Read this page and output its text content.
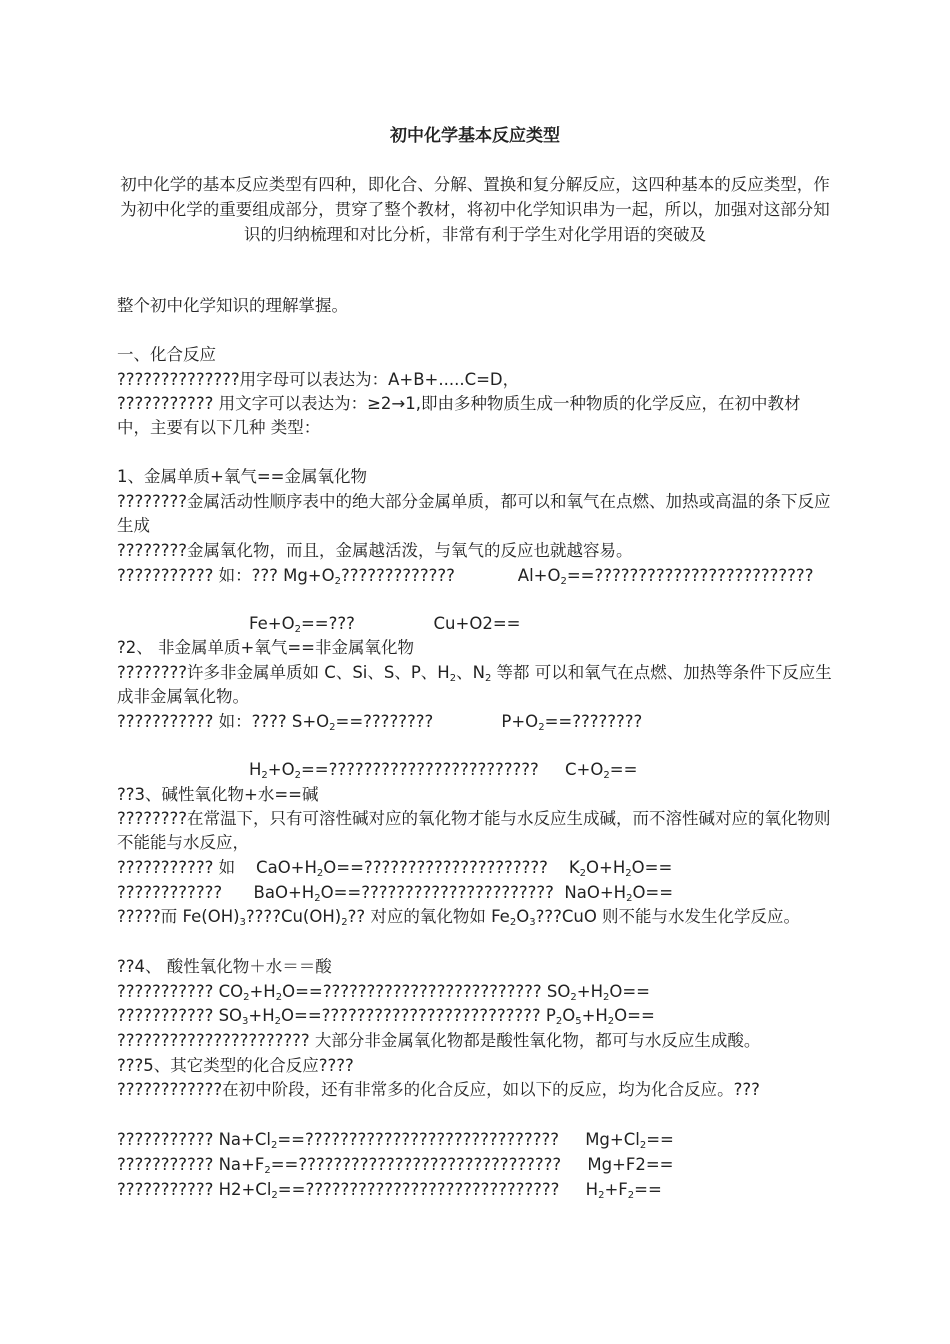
初中化学基本反应类型
初中化学的基本反应类型有四种，即化合、分解、置换和复分解反应，这四种基本的反应类型，作为初中化学的重要组成部分，贯穿了整个教材，将初中化学知识串为一起，所以，加强对这部分知识的归纳梳理和对比分析，非常有利于学生对化学用语的突破及
整个初中化学知识的理解掌握。
一、化合反应
??????????????用字母可以表达为：A+B+.....C=D，
??????????? 用文字可以表达为：≥2→1,即由多种物质生成一种物质的化学反应，在初中教材中，主要有以下几种 类型：
1、金属单质+氧气==金属氧化物
????????金属活动性顺序表中的绝大部分金属单质，都可以和氧气在点燃、加热或高温的条下反应生成
????????金属氧化物，而且，金属越活泼，与氧气的反应也就越容易。
??????????? 如：??? $Mg+O_2$?????????????            $Al+O_2==$?????????????????????????
$Fe+O_2==$???               Cu+O2==
?2、 非金属单质+氧气==非金属氧化物
????????许多非金属单质如 C、Si、S、P、$H_2$、$N_2$ 等都 可以和氧气在点燃、加热等条件下反应生成非金属氧化物。
??????????? 如：???? $S+O_2==$????????             $P+O_2==$????????
$H_2+O_2==$????????????????????????     $C+O_2==$
??3、碱性氧化物+水==碱
????????在常温下，只有可溶性碱对应的氧化物才能与水反应生成碱，而不溶性碱对应的氧化物则不能能与水反应，
??????????? 如    $CaO+H_2O==$?????????????????????    $K_2O+H_2O==$
????????????      $BaO+H_2O==$??????????????????????  $NaO+H_2O==$
?????而 $Fe(OH)_3????Cu(OH)_2$?? 对应的氧化物如 $Fe_2O_3???CuO$ 则不能与水发生化学反应。
??4、 酸性氧化物＋水＝＝酸
??????????? $CO_2+H_2O==$????????????????????????? $SO_2+H_2O==$
??????????? $SO_3+H_2O==$????????????????????????? $P_2O_5+H_2O==$
?????????????????????? 大部分非金属氧化物都是酸性氧化物，都可与水反应生成酸。
???5、其它类型的化合反应????
????????????在初中阶段，还有非常多的化合反应，如以下的反应，均为化合反应。???
??????????? $Na+Cl_2==$?????????????????????????????     $Mg+Cl_2==$
??????????? $Na+F_2==$??????????????????????????????     Mg+F2==
??????????? $H2+Cl_2==$?????????????????????????????     $H_2+F_2==$
